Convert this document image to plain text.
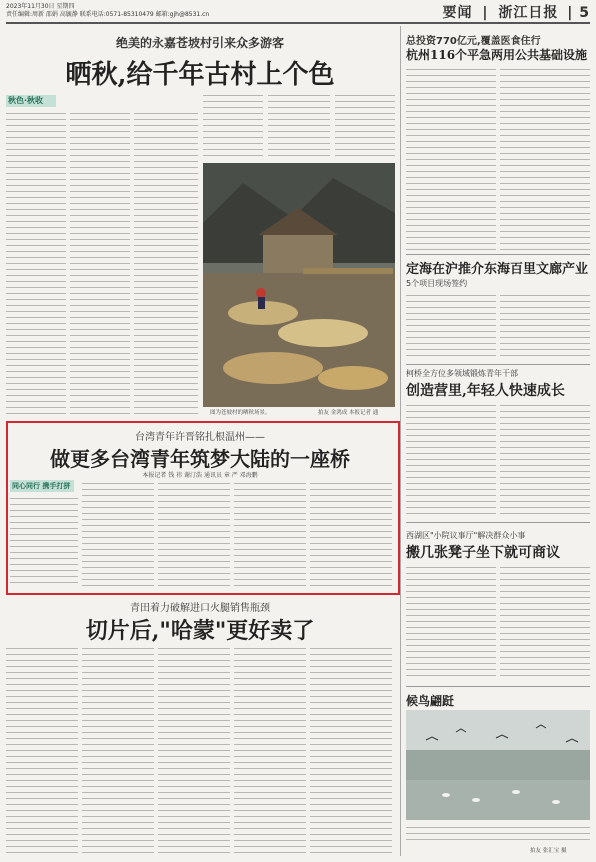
2023年11月30日 星期四
责任编辑:周新 邵娟 高毓静 联系电话:0571-85310479 邮箱:gjh@8531.cn	要闻 | 浙江日报 | 5
绝美的永嘉苍坡村引来众多游客
晒秋,给千年古村上个色
秋色·秋收
图为苍坡村的晒秋场景。	拍友 金鸿成 本报记者 通
台湾青年许晋铭扎根温州——
做更多台湾青年筑梦大陆的一座桥
本报记者 钱 祎 谢汀浩 通讯员 章 严 邓海鹏
同心同行 携手打拼
青田着力破解进口火腿销售瓶颈
切片后,"哈蒙"更好卖了
总投资770亿元,覆盖医食住行
杭州116个平急两用公共基础设施
定海在沪推介东海百里文廊产业
5个项目现场签约
柯桥全方位多领域锻炼青年干部
创造营里,年轻人快速成长
西湖区"小院议事厅"解决群众小事
搬几张凳子坐下就可商议
候鸟翩跹
拍友 张汇宝 摄
